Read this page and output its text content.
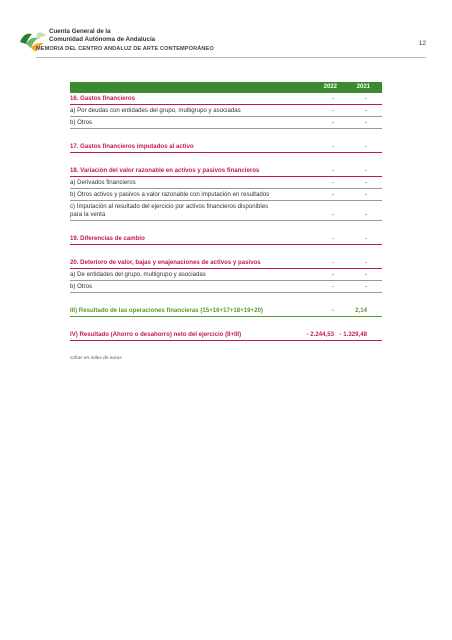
Cuenta General de la
Comunidad Autónoma de Andalucía
MEMORIA DEL CENTRO ANDALUZ DE ARTE CONTEMPORÁNEO
12
2022	2021
16. Gastos financieros	-	-
a) Por deudas con entidades del grupo, multigrupo y asociadas	-	-
b) Otros	-	-
17. Gastos financieros imputados al activo	-	-
18. Variación del valor razonable en activos y pasivos financieros	-	-
a) Derivados financieros	-	-
b) Otros activos y pasivos a valor razonable con imputación en resultados	-	-
c) Imputación al resultado del ejercicio por activos financieros disponibles
para la venta	-	-
19. Diferencias de cambio	-	-
20. Deterioro de valor, bajas y enajenaciones de activos y pasivos	-	-
a) De entidades del grupo, multigrupo y asociadas	-	-
b) Otros	-	-
III) Resultado de las operaciones financieras (15+16+17+18+19+20)	-	2,14
IV) Resultado (Ahorro o desahorro) neto del ejercicio (II+III)	- 2.244,53 - 1.329,48
Cifras en miles de euros
